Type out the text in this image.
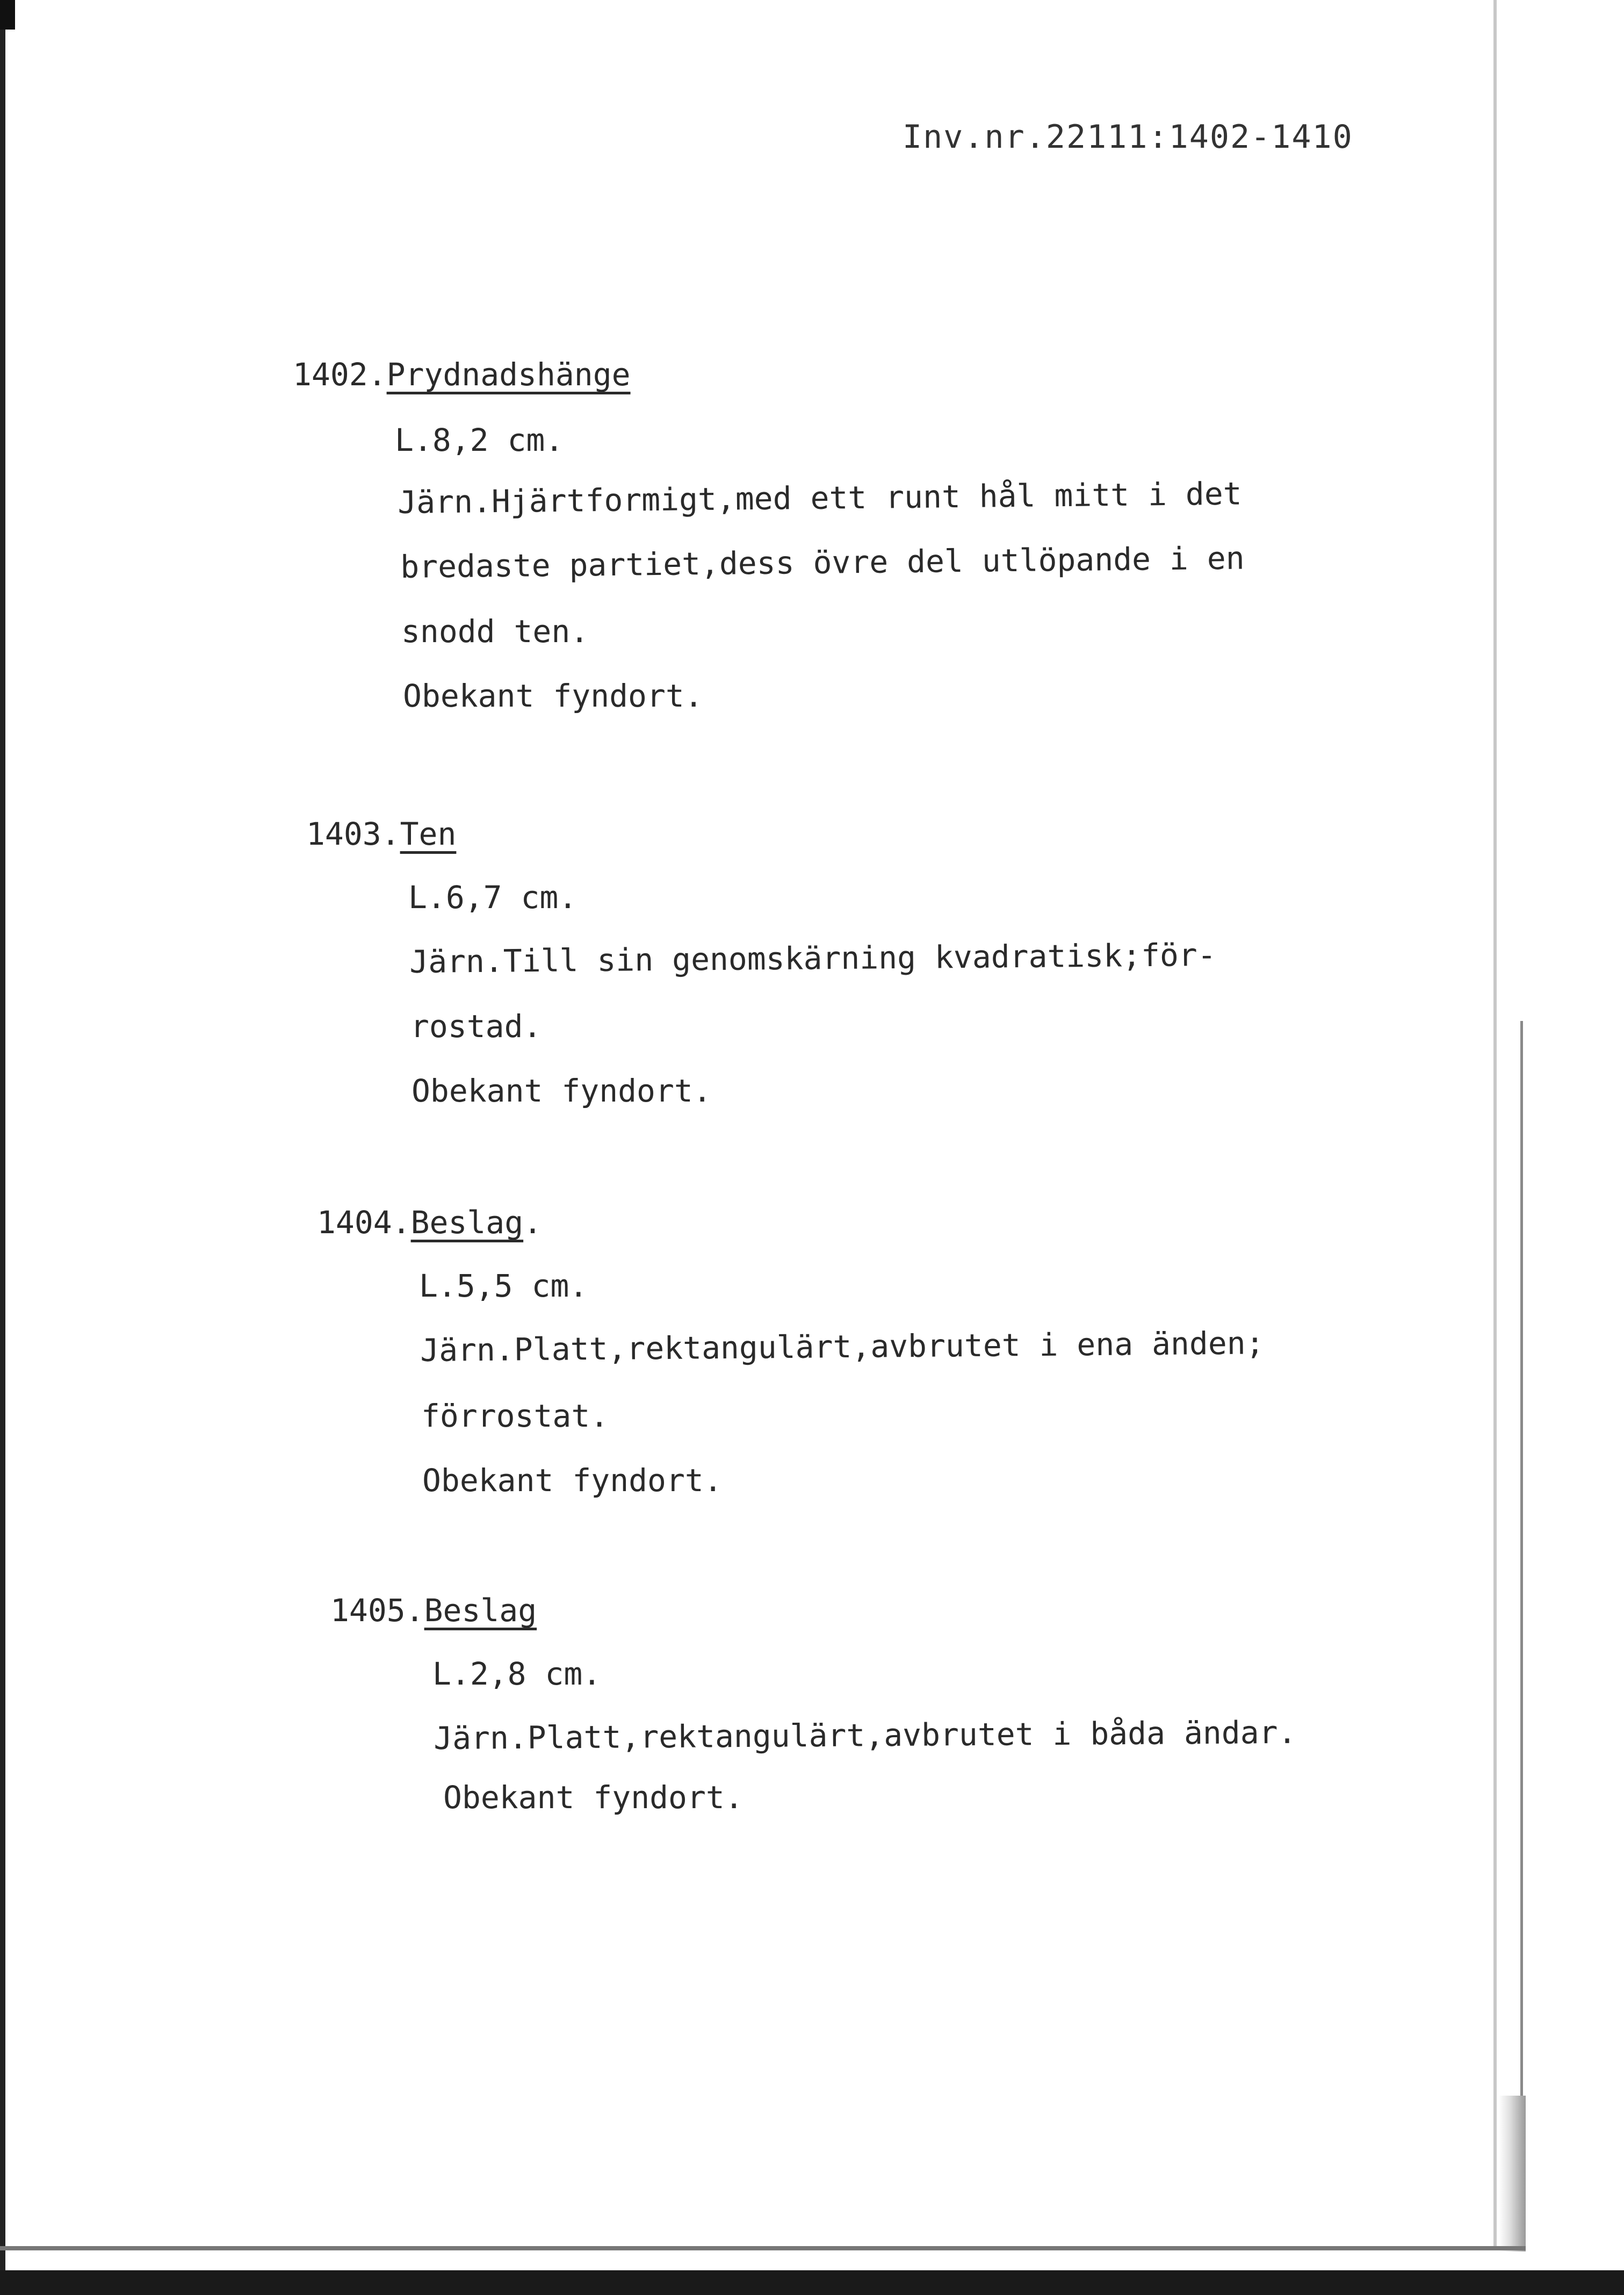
Inv.nr.22111:1402-1410
1402.Prydnadshänge
L.8,2 cm.
Järn.Hjärtformigt,med ett runt hål mitt i det
bredaste partiet,dess övre del utlöpande i en
snodd ten.
Obekant fyndort.
1403.Ten
L.6,7 cm.
Järn.Till sin genomskärning kvadratisk;för-
rostad.
Obekant fyndort.
1404.Beslag.
L.5,5 cm.
Järn.Platt,rektangulärt,avbrutet i ena änden;
förrostat.
Obekant fyndort.
1405.Beslag
L.2,8 cm.
Järn.Platt,rektangulärt,avbrutet i båda ändar.
Obekant fyndort.
